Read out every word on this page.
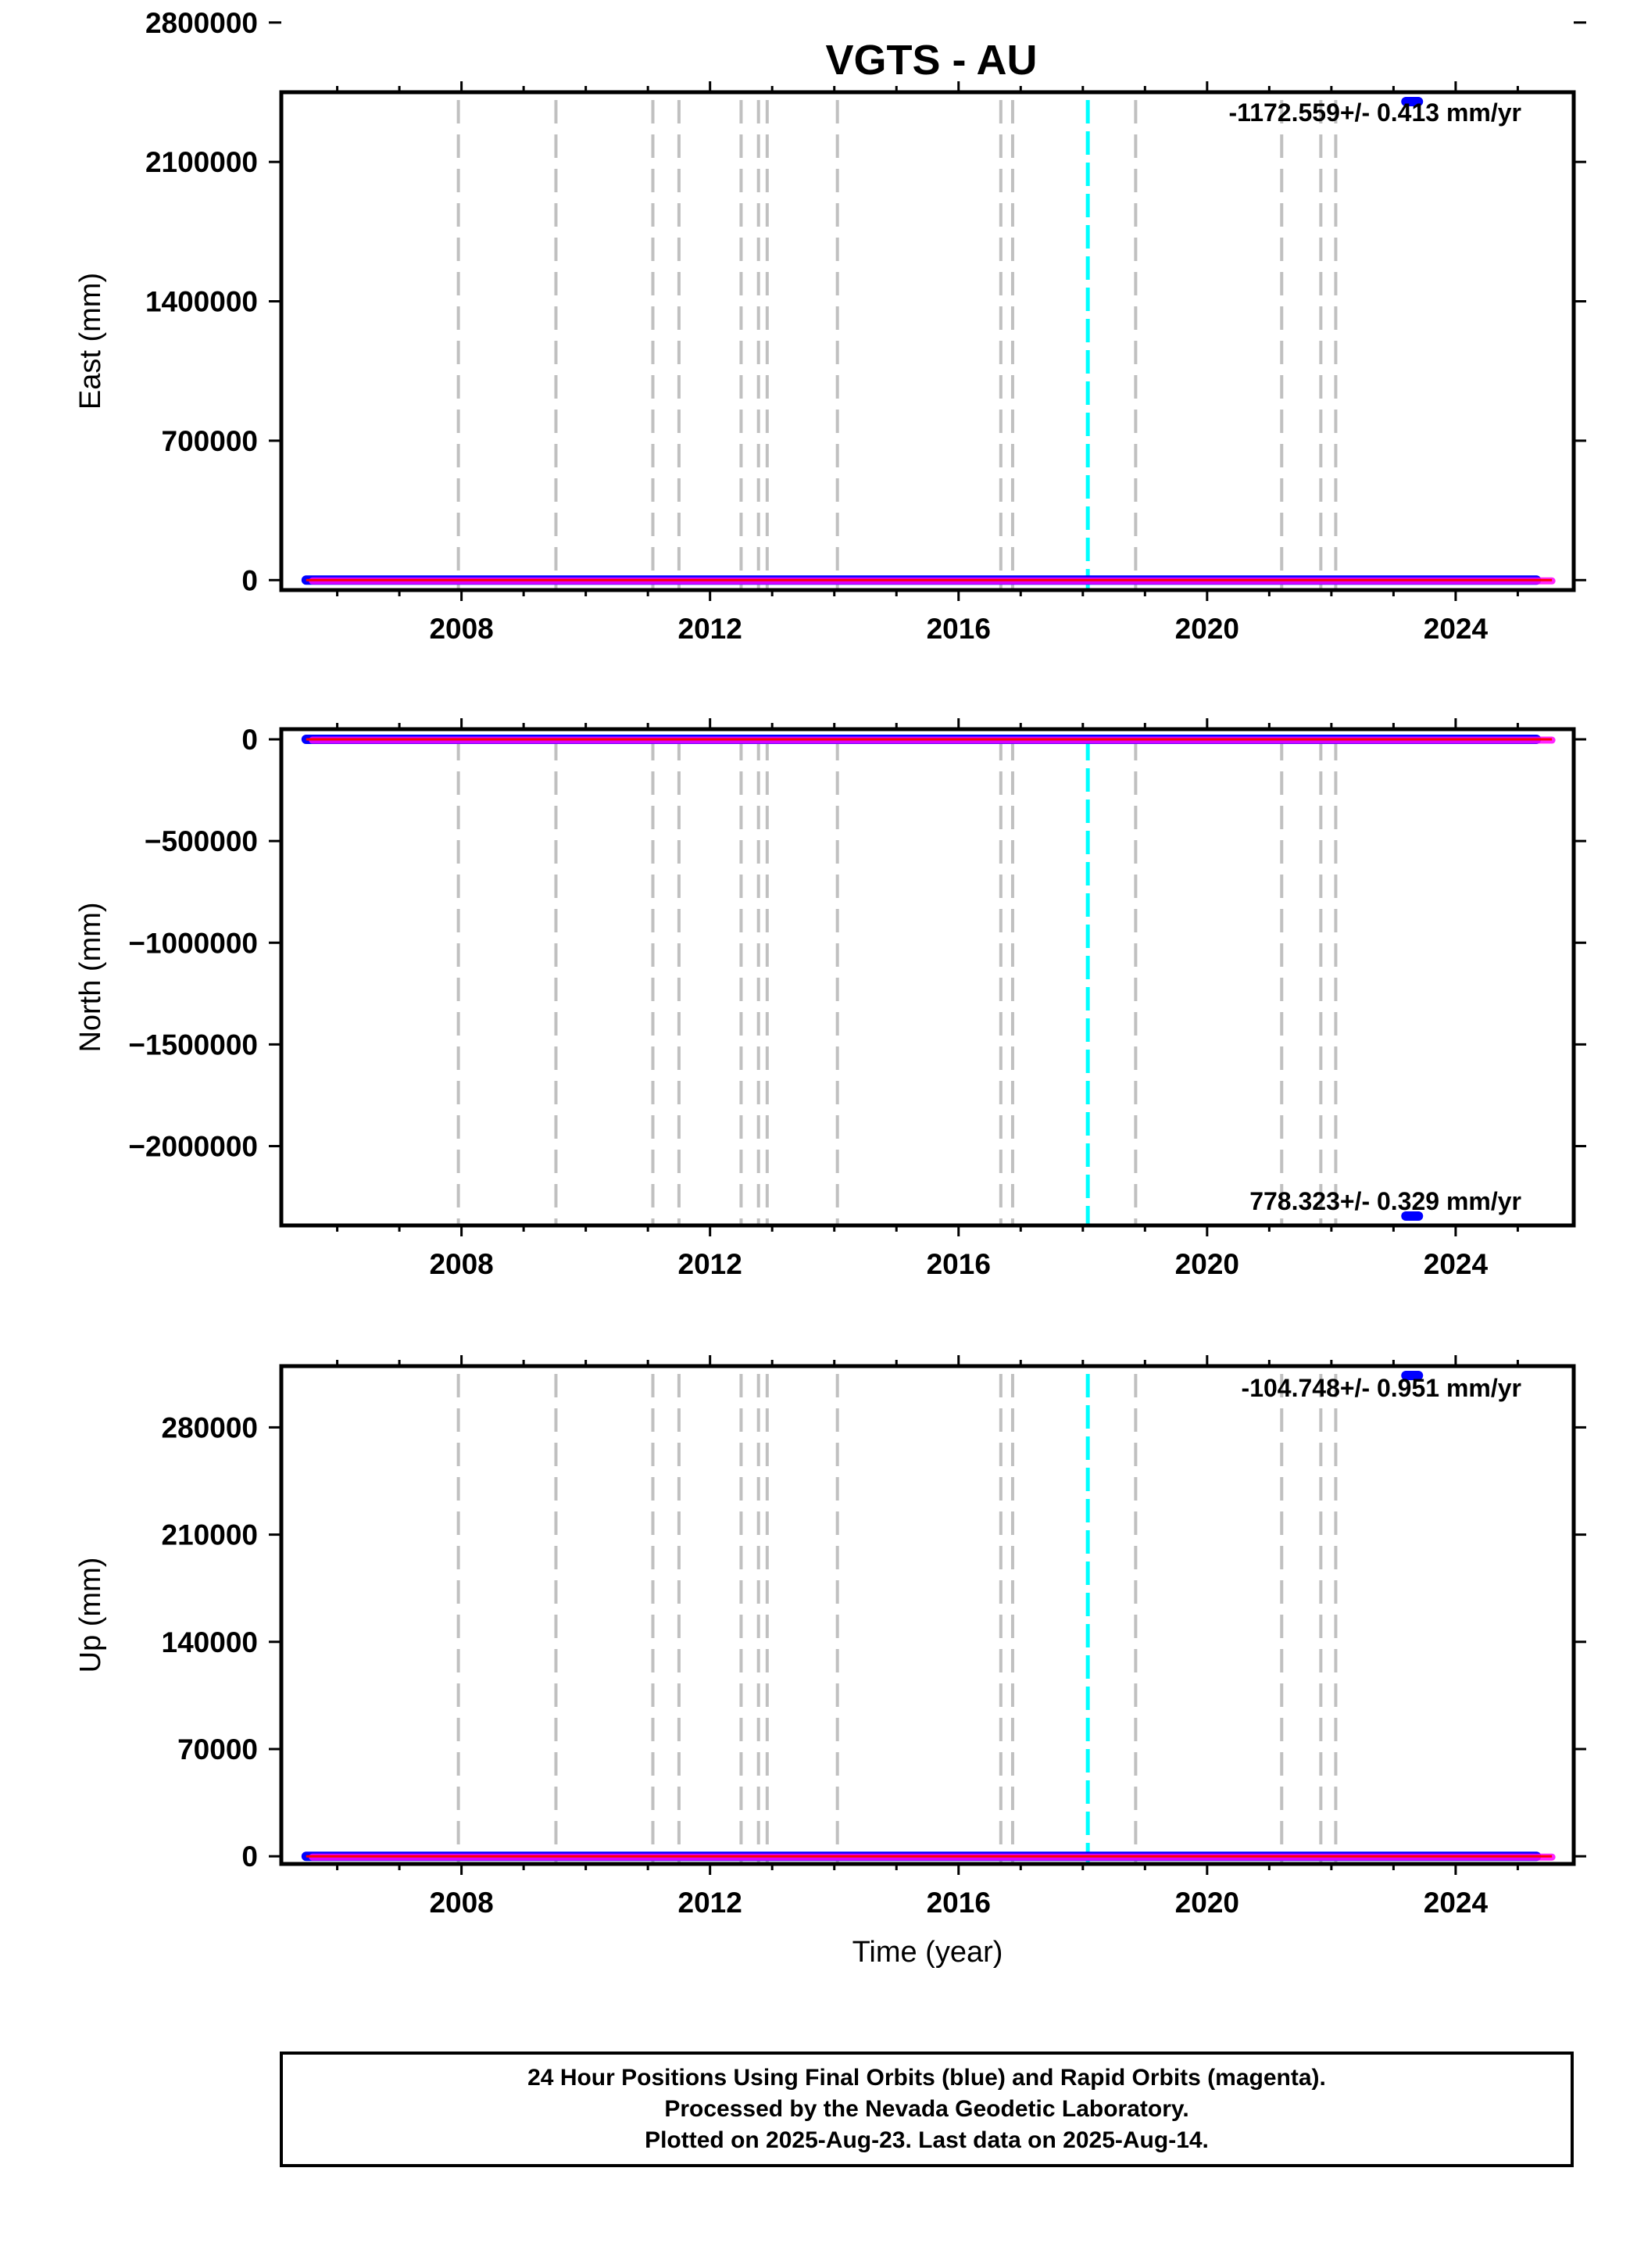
VGTS - AU
2008	2012	2016	2020	2024
0
700000
1400000
2100000
2800000
East (mm)
-1172.559+/- 0.413 mm/yr
2008	2012	2016	2020	2024
0
−500000
−1000000
−1500000
−2000000
North (mm)
778.323+/- 0.329 mm/yr
2008	2012	2016	2020	2024
0
70000
140000
210000
280000
Up (mm)
Time (year)
-104.748+/- 0.951 mm/yr
24 Hour Positions Using Final Orbits (blue) and Rapid Orbits (magenta).
Processed by the Nevada Geodetic Laboratory.
Plotted on 2025-Aug-23. Last data on 2025-Aug-14.
